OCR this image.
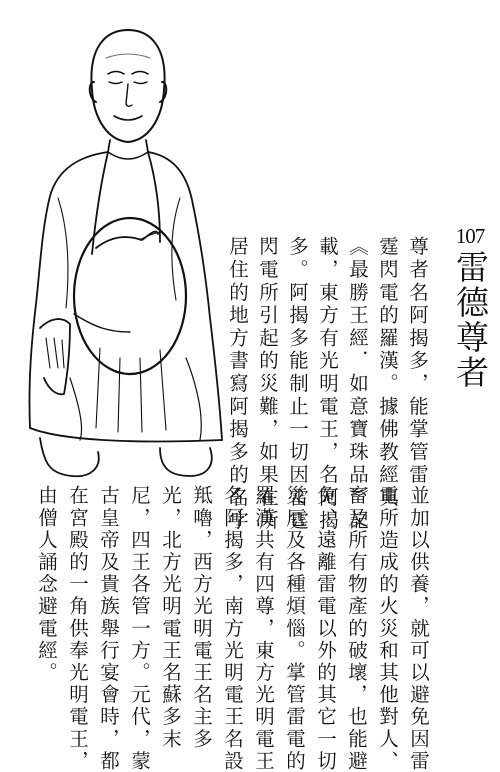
107
雷德尊者
尊者名阿揭多，能掌管雷
霆閃電的羅漢。據佛教經典
《最勝王經．如意寶珠品》記
載，東方有光明電王，名阿揭
多。阿揭多能制止一切因雷霆
閃電所引起的災難，如果在所
居住的地方書寫阿揭多的名字
並加以供養，就可以避免因雷
電所造成的火災和其他對人、
畜及所有物產的破壞，也能避
免、遠離雷電以外的其它一切
災厄及各種煩惱。掌管雷電的
羅漢共有四尊，東方光明電王
名阿揭多，南方光明電王名設
羝嚕，西方光明電王名主多
光，北方光明電王名蘇多末
尼，四王各管一方。元代，蒙
古皇帝及貴族舉行宴會時，都
在宮殿的一角供奉光明電王，
由僧人誦念避電經。
